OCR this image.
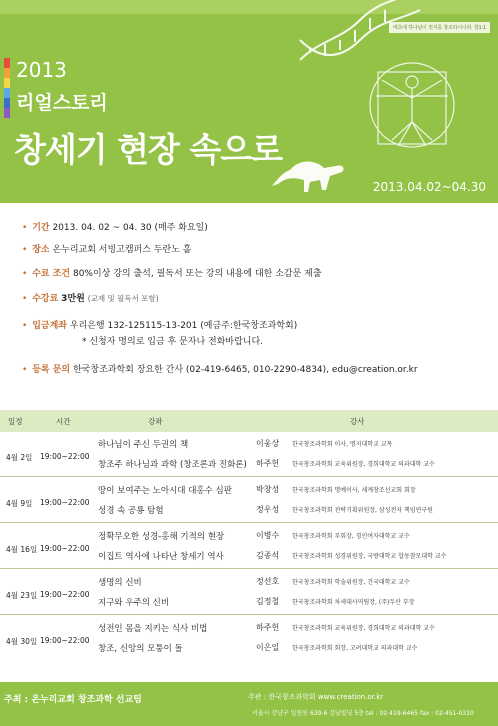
태초에 하나님이 천지를 창조하시니라. 창1:1
2013
리얼스토리
창세기 현장 속으로
2013.04.02~04.30
• 기간 2013. 04. 02 ~ 04. 30 (매주 화요일)
• 장소 온누리교회 서빙고캠퍼스 두란노 홀
• 수료 조건 80%이상 강의 출석, 필독서 또는 강의 내용에 대한 소감문 제출
• 수강료 3만원 (교재 및 필독서 포함)
• 입금계좌 우리은행 132-125115-13-201 (예금주:한국창조과학회)
* 신청자 명의로 입금 후 문자나 전화바랍니다.
• 등록 문의 한국창조과학회 장요한 간사 (02-419-6465, 010-2290-4834), edu@creation.or.kr
일정	시간	강좌	강사
4월 2일 19:00~22:00
하나님이 주신 두권의 책	이웅상 한국창조과학회 이사, 명지대학교 교목
창조주 하나님과 과학 (창조론과 진화론) 하주헌 한국창조과학회 교육위원장, 경희대학교 의과대학 교수
4월 9일 19:00~22:00
땅이 보여주는 노아시대 대홍수 심판	박창성 한국창조과학회 명예이사, 세계창조선교회 회장
성경 속 공룡 탐험	정우성 한국창조과학회 전략기획위원장, 삼성전자 책임연구원
4월 16일 19:00~22:00
정확무오한 성경-홍해 기적의 현장	이병수 한국창조과학회 부회장, 경인여자대학교 교수
이집트 역사에 나타난 창세기 역사	김종석 한국창조과학회 성경위원장, 국방대학교 합동참모대학 교수
4월 23일 19:00~22:00
생명의 신비	정선호 한국창조과학회 학술위원장, 건국대학교 교수
지구와 우주의 신비	김정철 한국창조과학회 차세대사역팀장, (주)두산 부장
4월 30일 19:00~22:00
성전인 몸을 지키는 식사 비법	하주헌 한국창조과학회 교육위원장, 경희대학교 의과대학 교수
창조, 신앙의 모퉁이 돌	이은일 한국창조과학회 회장, 고려대학교 의과대학 교수
주최 : 온누리교회 창조과학 선교팀	주관 : 한국창조과학회 www.creation.or.kr
서울시 강남구 일원동 639-6 강남빌딩 5층 tel : 02-419-6465 fax : 02-451-0310
